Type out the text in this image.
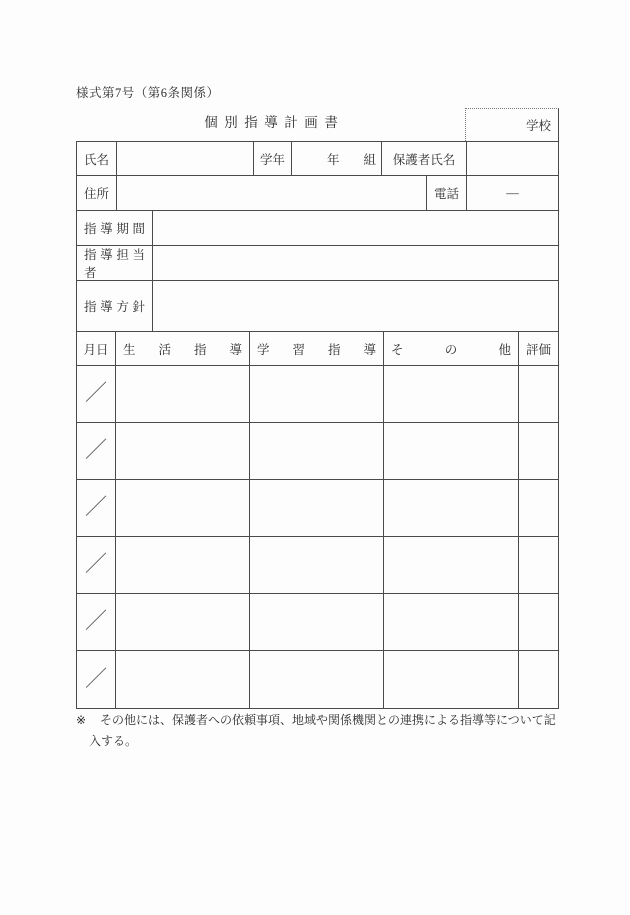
様式第7号（第6条関係）
個別指導計画書	学校
氏名	学年	年 組	保護者氏名
住所	電話	—
指導期間
指導担当者
指導方針
月日	生活指導	学習指導	その他	評価
／
／
／
／
／
／
※	その他には、保護者への依頼事項、地域や関係機関との連携による指導等について記
入する。
